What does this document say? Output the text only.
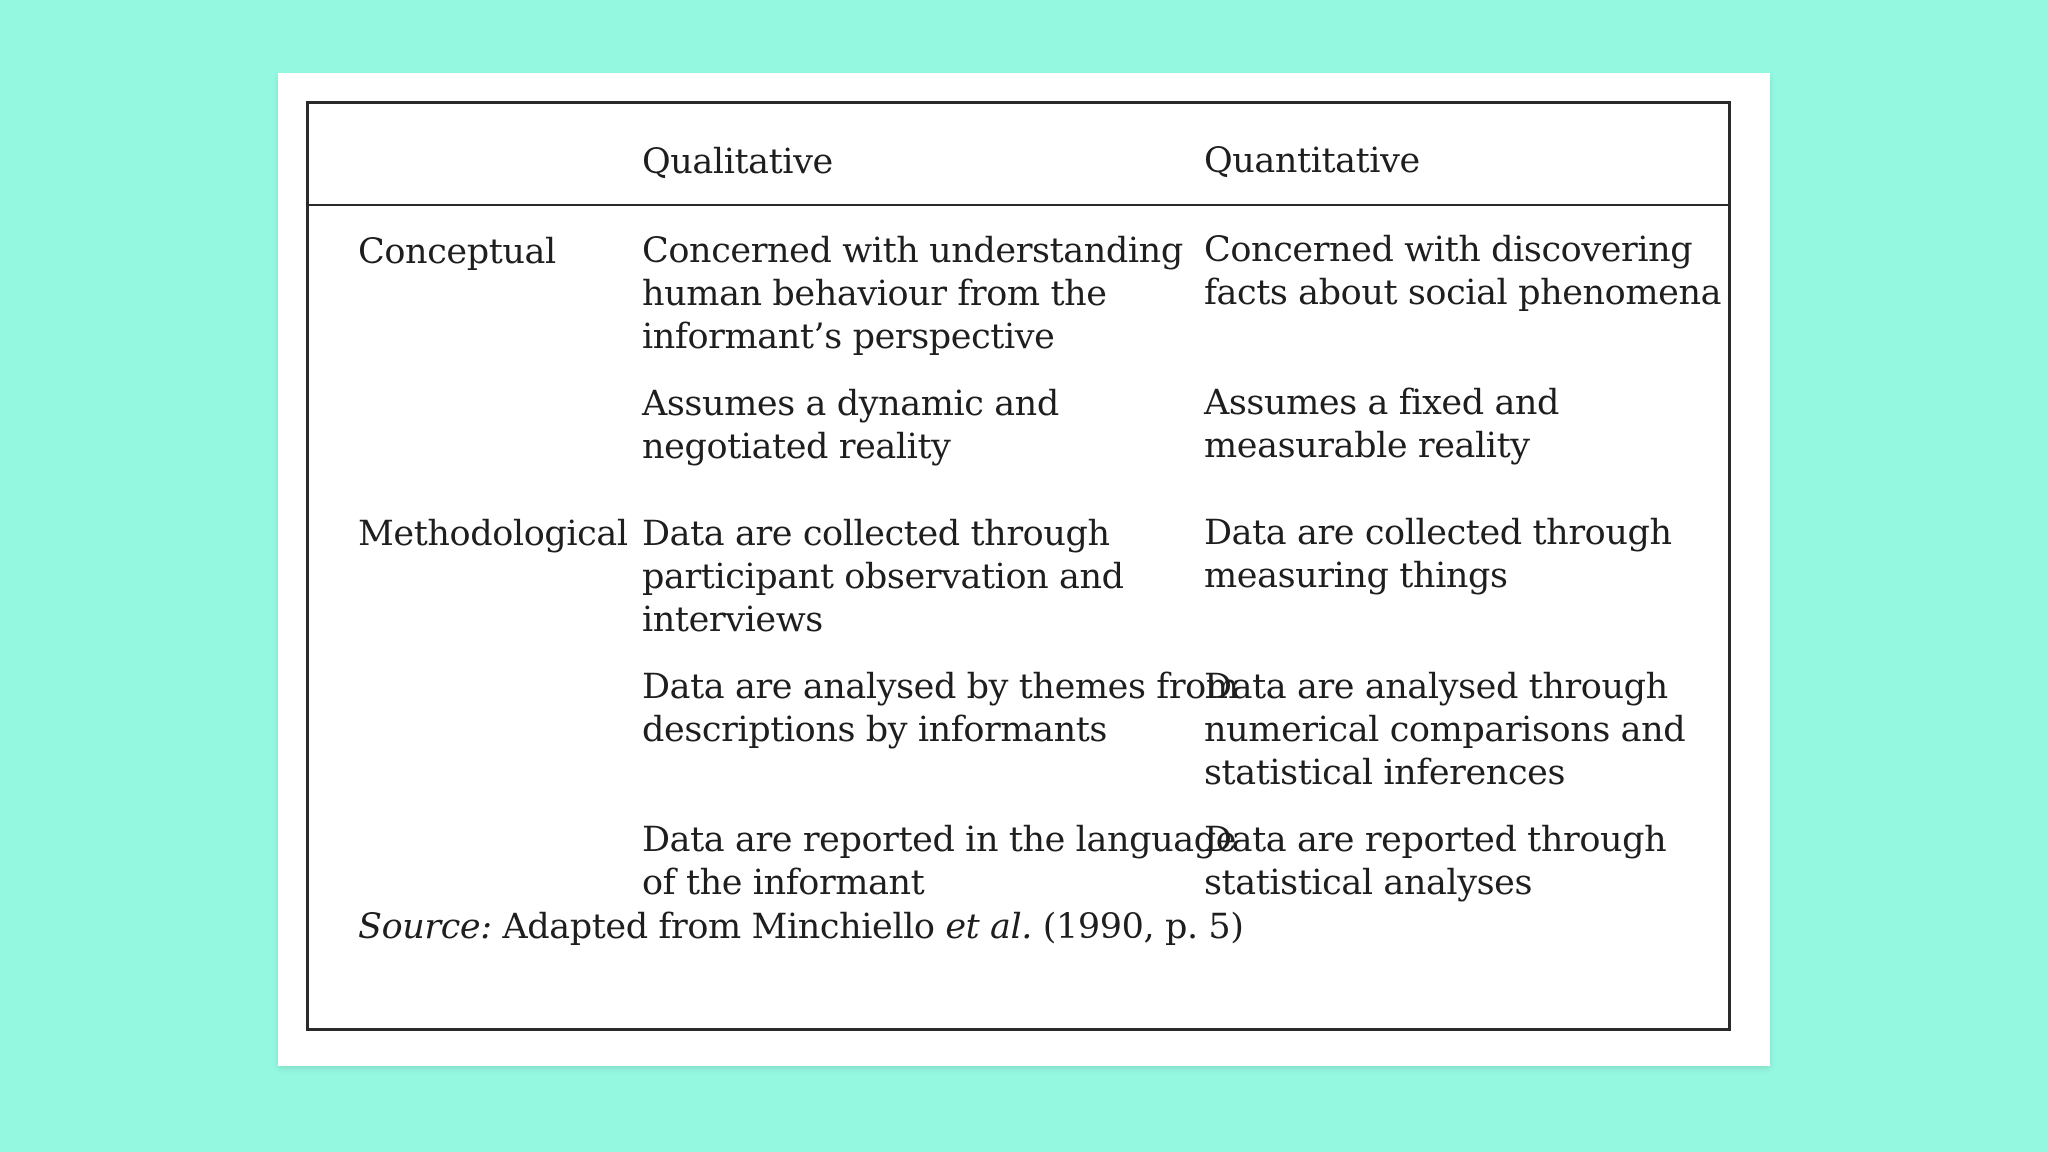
Qualitative	Quantitative
Conceptual Concerned with understanding
human behaviour from the
informant’s perspective
Concerned with discovering
facts about social phenomena
Assumes a dynamic and
negotiated reality
Assumes a fixed and
measurable reality
Methodological Data are collected through
participant observation and
interviews
Data are collected through
measuring things
Data are analysed by themes from
descriptions by informants
Data are analysed through
numerical comparisons and
statistical inferences
Data are reported in the language
of the informant
Data are reported through
statistical analyses
Source: Adapted from Minchiello et al. (1990, p. 5)
